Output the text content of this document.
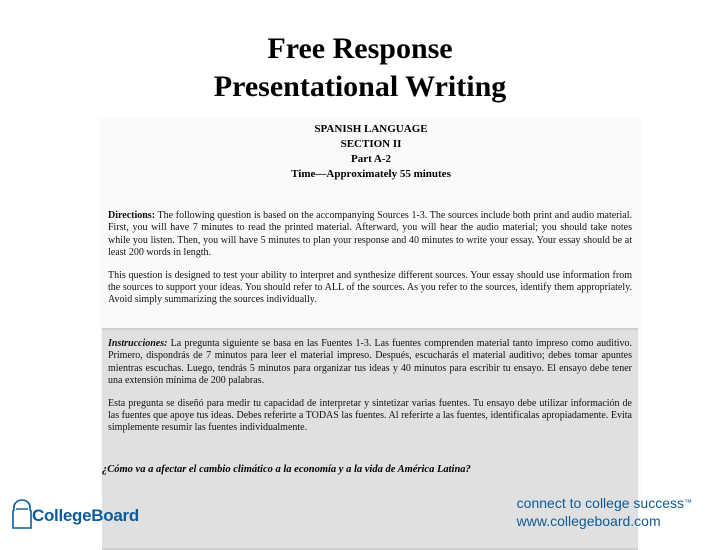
Free Response
Presentational Writing
SPANISH LANGUAGE
SECTION II
Part A-2
Time—Approximately 55 minutes

Directions: The following question is based on the accompanying Sources 1-3. The sources include both print and audio material. First, you will have 7 minutes to read the printed material. Afterward, you will hear the audio material; you should take notes while you listen. Then, you will have 5 minutes to plan your response and 40 minutes to write your essay. Your essay should be at least 200 words in length.

This question is designed to test your ability to interpret and synthesize different sources. Your essay should use information from the sources to support your ideas. You should refer to ALL of the sources. As you refer to the sources, identify them appropriately. Avoid simply summarizing the sources individually.

Instrucciones: La pregunta siguiente se basa en las Fuentes 1-3. Las fuentes comprenden material tanto impreso como auditivo. Primero, dispondrás de 7 minutos para leer el material impreso. Después, escucharás el material auditivo; debes tomar apuntes mientras escuchas. Luego, tendrás 5 minutos para organizar tus ideas y 40 minutos para escribir tu ensayo. El ensayo debe tener una extensión mínima de 200 palabras.

Esta pregunta se diseñó para medir tu capacidad de interpretar y sintetizar varias fuentes. Tu ensayo debe utilizar información de las fuentes que apoye tus ideas. Debes referirte a TODAS las fuentes. Al referirte a las fuentes, identifícalas apropiadamente. Evita simplemente resumir las fuentes individualmente.

¿Cómo va a afectar el cambio climático a la economía y a la vida de América Latina?
CollegeBoard
connect to college success™
www.collegeboard.com
